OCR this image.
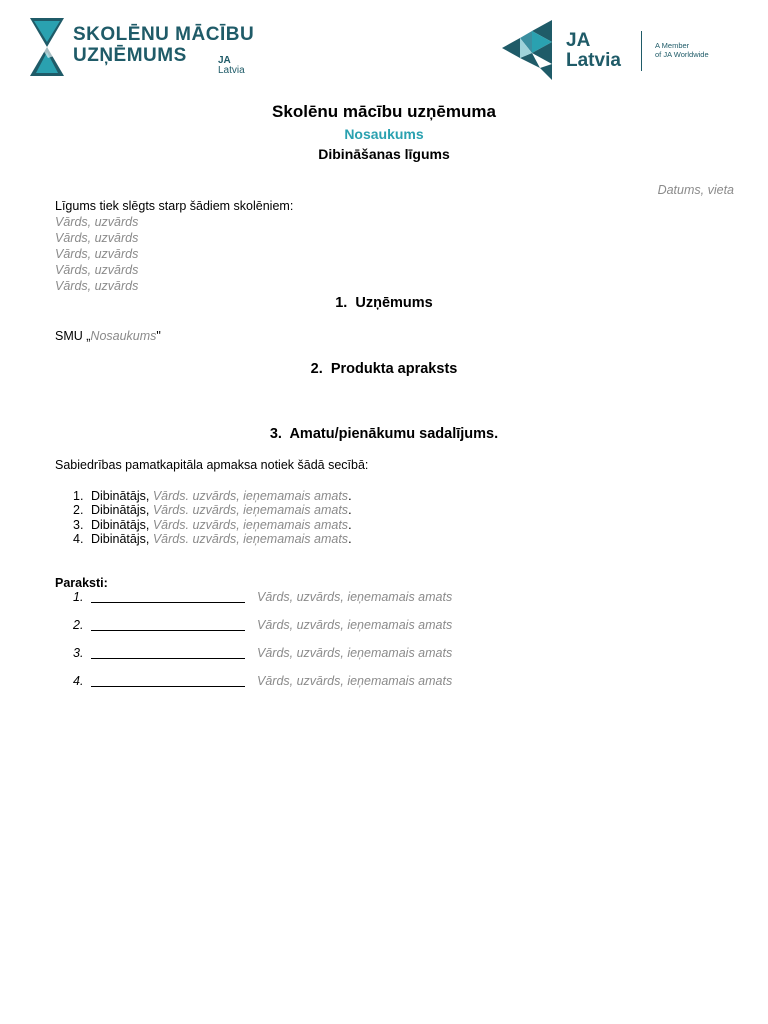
SKOLĒNU MĀCĪBU
UZŅĒMUMS	JA
Latvia
JA
Latvia
A Member
of JA Worldwide
Skolēnu mācību uzņēmuma
Nosaukums
Dibināšanas līgums
Datums, vieta
Līgums tiek slēgts starp šādiem skolēniem:
Vārds, uzvārds
Vārds, uzvārds
Vārds, uzvārds
Vārds, uzvārds
Vārds, uzvārds
1. Uzņēmums
SMU „Nosaukums"
2. Produkta apraksts
3. Amatu/pienākumu sadalījums.
Sabiedrības pamatkapitāla apmaksa notiek šādā secībā:
1. Dibinātājs, Vārds. uzvārds, ieņemamais amats.
2. Dibinātājs, Vārds. uzvārds, ieņemamais amats.
3. Dibinātājs, Vārds. uzvārds, ieņemamais amats.
4. Dibinātājs, Vārds. uzvārds, ieņemamais amats.
Paraksti:
1.	Vārds, uzvārds, ieņemamais amats
2.	Vārds, uzvārds, ieņemamais amats
3.	Vārds, uzvārds, ieņemamais amats
4.	Vārds, uzvārds, ieņemamais amats
